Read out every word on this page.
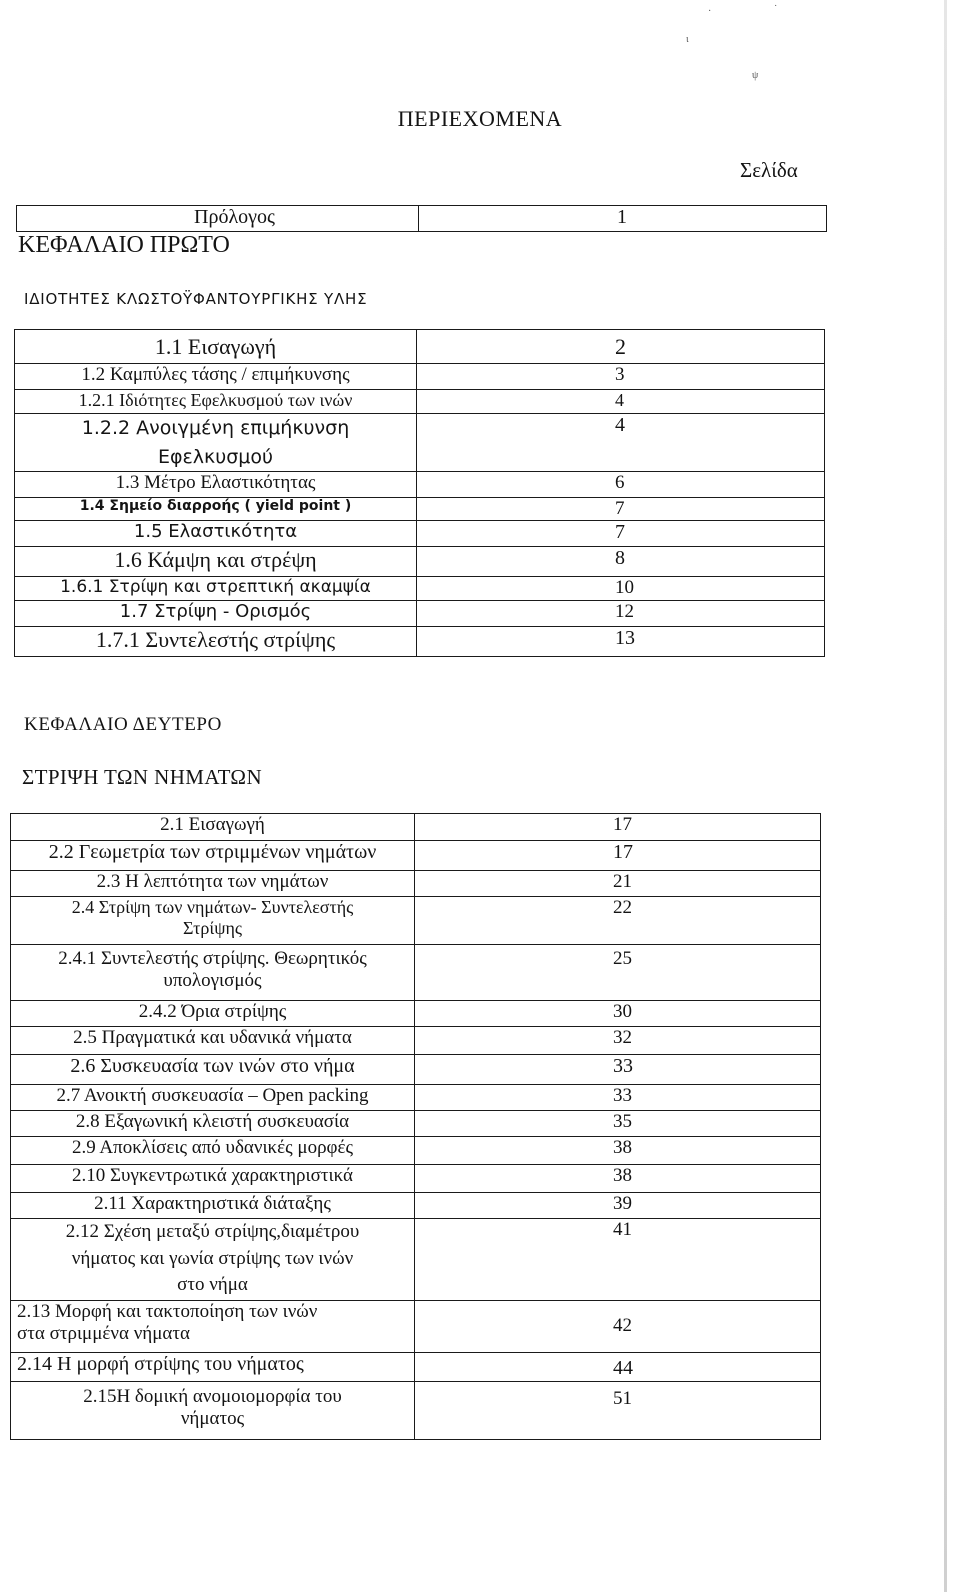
·	˙
ι
ψ
ΠΕΡΙΕΧΟΜΕΝΑ
Σελίδα
Πρόλογος	1
ΚΕΦΑΛΑΙΟ ΠΡΩΤΟ
ΙΔΙΟΤΗΤΕΣ ΚΛΩΣΤΟΫΦΑΝΤΟΥΡΓΙΚΗΣ ΥΛΗΣ
1.1 Εισαγωγή	2
1.2 Καμπύλες τάσης / επιμήκυνσης	3
1.2.1 Ιδιότητες Εφελκυσμού των ινών	4

1.2.2 Ανοιγμένη επιμήκυνση
Εφελκυσμού	4
1.3 Μέτρο Ελαστικότητας	6
1.4 Σημείο διαρροής ( yield point )	7
1.5 Ελαστικότητα	7
1.6 Κάμψη και στρέψη	8
1.6.1 Στρίψη και στρεπτική ακαμψία	10
1.7 Στρίψη - Ορισμός	12
1.7.1 Συντελεστής στρίψης	13
ΚΕΦΑΛΑΙΟ ΔΕΥΤΕΡΟ
ΣΤΡΙΨΗ ΤΩΝ ΝΗΜΑΤΩΝ
2.1 Εισαγωγή	17
2.2 Γεωμετρία των στριμμένων νημάτων	17
2.3 Η λεπτότητα των νημάτων	21

2.4 Στρίψη των νημάτων- Συντελεστής
Στρίψης	22

2.4.1 Συντελεστής στρίψης. Θεωρητικός
υπολογισμός	25
2.4.2 Όρια στρίψης	30
2.5 Πραγματικά και υδανικά νήματα	32
2.6 Συσκευασία των ινών στο νήμα	33
2.7 Ανοικτή συσκευασία – Open packing	33
2.8 Εξαγωνική κλειστή συσκευασία	35
2.9 Αποκλίσεις από υδανικές μορφές	38
2.10 Συγκεντρωτικά χαρακτηριστικά	38
2.11 Χαρακτηριστικά διάταξης	39

2.12 Σχέση μεταξύ στρίψης,διαμέτρου
νήματος και γωνία στρίψης των ινών
στο νήμα	41

2.13 Μορφή και τακτοποίηση των ινών
στα στριμμένα νήματα	42
2.14 Η μορφή στρίψης του νήματος	44

2.15Η δομική ανομοιομορφία του
νήματος	51
